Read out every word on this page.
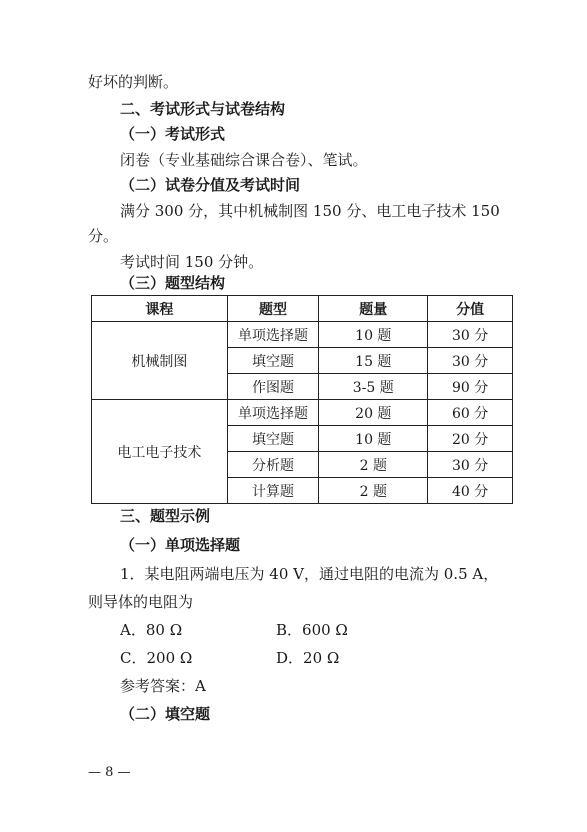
好坏的判断。
二、考试形式与试卷结构
（一）考试形式
闭卷（专业基础综合课合卷）、笔试。
（二）试卷分值及考试时间
满分 300 分，其中机械制图 150 分、电工电子技术 150
分。
考试时间 150 分钟。
（三）题型结构
课程	题型	题量	分值
机械制图	单项选择题	10 题	30 分
	填空题	15 题	30 分
	作图题	3-5 题	90 分
电工电子技术	单项选择题	20 题	60 分
	填空题	10 题	20 分
	分析题	2 题	30 分
	计算题	2 题	40 分
三、题型示例
（一）单项选择题
1．某电阻两端电压为 40 V，通过电阻的电流为 0.5 A，
则导体的电阻为
A．80 Ω	B．600 Ω
C．200 Ω	D．20 Ω
参考答案：A
（二）填空题
— 8 —
